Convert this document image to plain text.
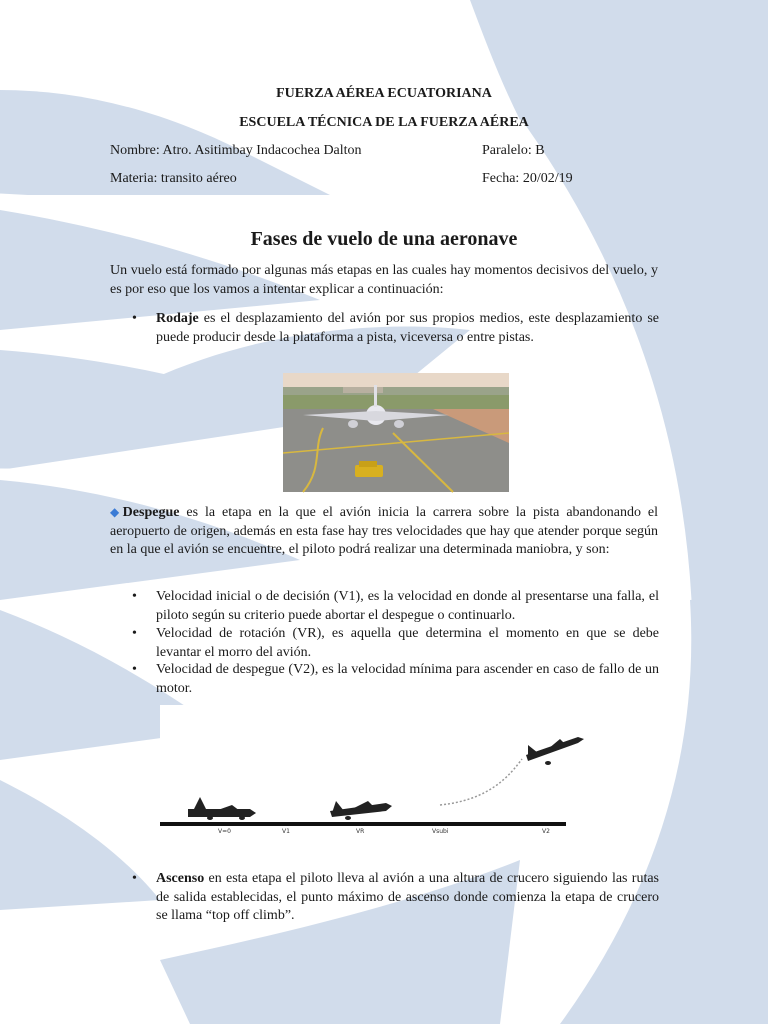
FUERZA AÉREA ECUATORIANA
ESCUELA TÉCNICA DE LA FUERZA AÉREA
Nombre: Atro. Asitimbay Indacochea Dalton	Paralelo: B
Materia: transito aéreo	Fecha: 20/02/19
Fases de vuelo de una aeronave
Un vuelo está formado por algunas más etapas en las cuales hay momentos decisivos del vuelo, y es por eso que los vamos a intentar explicar a continuación:
• Rodaje es el desplazamiento del avión por sus propios medios, este desplazamiento se puede producir desde la plataforma a pista, viceversa o entre pistas.
◆Despegue es la etapa en la que el avión inicia la carrera sobre la pista abandonando el aeropuerto de origen, además en esta fase hay tres velocidades que hay que atender porque según en la que el avión se encuentre, el piloto podrá realizar una determinada maniobra, y son:
• Velocidad inicial o de decisión (V1), es la velocidad en donde al presentarse una falla, el piloto según su criterio puede abortar el despegue o continuarlo.
• Velocidad de rotación (VR), es aquella que determina el momento en que se debe levantar el morro del avión.
• Velocidad de despegue (V2), es la velocidad mínima para ascender en caso de fallo de un motor.
V=0	V1	VR	Vsubi	V2
• Ascenso en esta etapa el piloto lleva al avión a una altura de crucero siguiendo las rutas de salida establecidas, el punto máximo de ascenso donde comienza la etapa de crucero se llama “top off climb”.
